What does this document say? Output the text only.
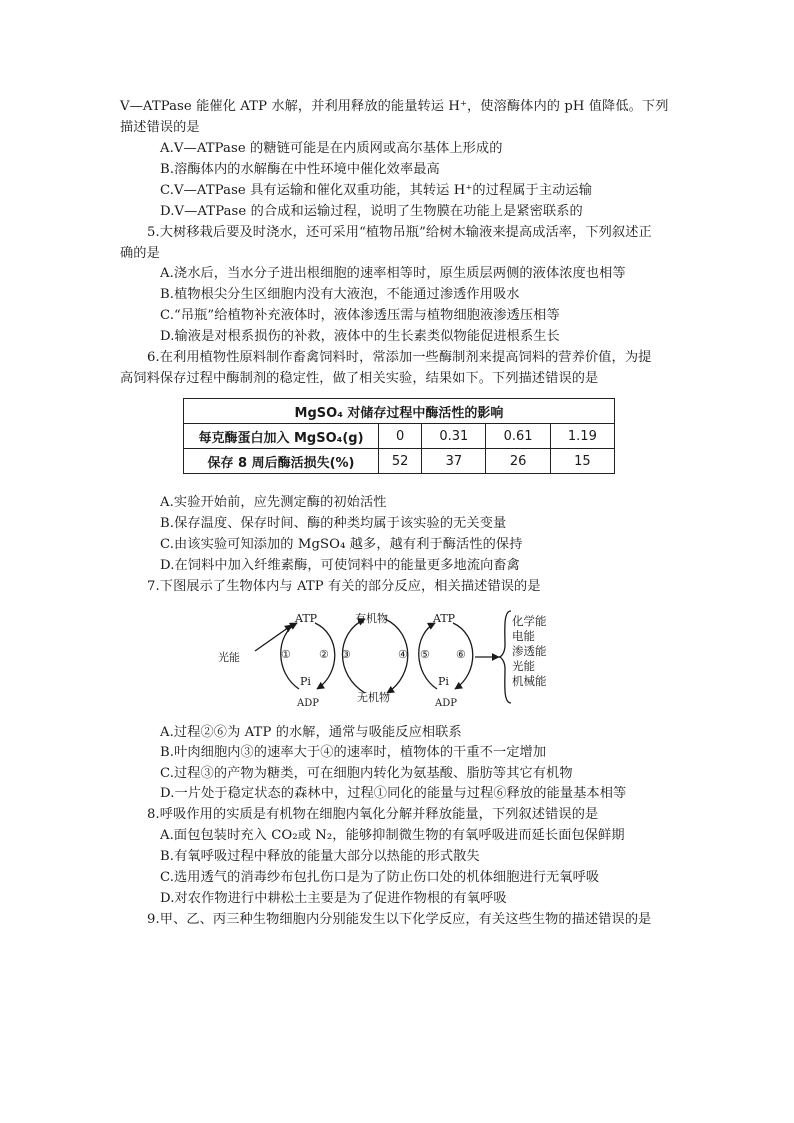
V—ATPase 能催化 ATP 水解，并利用释放的能量转运 H⁺，使溶酶体内的 pH 值降低。下列
描述错误的是
A.V—ATPase 的糖链可能是在内质网或高尔基体上形成的
B.溶酶体内的水解酶在中性环境中催化效率最高
C.V—ATPase 具有运输和催化双重功能，其转运 H⁺的过程属于主动运输
D.V—ATPase 的合成和运输过程，说明了生物膜在功能上是紧密联系的
5.大树移栽后要及时浇水，还可采用“植物吊瓶”给树木输液来提高成活率，下列叙述正
确的是
A.浇水后，当水分子进出根细胞的速率相等时，原生质层两侧的液体浓度也相等
B.植物根尖分生区细胞内没有大液泡，不能通过渗透作用吸水
C.“吊瓶”给植物补充液体时，液体渗透压需与植物细胞液渗透压相等
D.输液是对根系损伤的补救，液体中的生长素类似物能促进根系生长
6.在利用植物性原料制作畜禽饲料时，常添加一些酶制剂来提高饲料的营养价值，为提
高饲料保存过程中酶制剂的稳定性，做了相关实验，结果如下。下列描述错误的是
MgSO₄ 对储存过程中酶活性的影响				
每克酶蛋白加入 MgSO₄(g)	0	0.31	0.61	1.19
保存 8 周后酶活损失(%)	52	37	26	15
A.实验开始前，应先测定酶的初始活性
B.保存温度、保存时间、酶的种类均属于该实验的无关变量
C.由该实验可知添加的 MgSO₄ 越多，越有利于酶活性的保持
D.在饲料中加入纤维素酶，可使饲料中的能量更多地流向畜禽
7.下图展示了生物体内与 ATP 有关的部分反应，相关描述错误的是
光能
ATP
ADP
Pi
①	②
有机物
无机物
③	④
ATP
ADP
Pi
⑤ ⑥
化学能
电能
渗透能
光能
机械能
A.过程②⑥为 ATP 的水解，通常与吸能反应相联系
B.叶肉细胞内③的速率大于④的速率时，植物体的干重不一定增加
C.过程③的产物为糖类，可在细胞内转化为氨基酸、脂肪等其它有机物
D.一片处于稳定状态的森林中，过程①同化的能量与过程⑥释放的能量基本相等
8.呼吸作用的实质是有机物在细胞内氧化分解并释放能量，下列叙述错误的是
A.面包包装时充入 CO₂或 N₂，能够抑制微生物的有氧呼吸进而延长面包保鲜期
B.有氧呼吸过程中释放的能量大部分以热能的形式散失
C.选用透气的消毒纱布包扎伤口是为了防止伤口处的机体细胞进行无氧呼吸
D.对农作物进行中耕松土主要是为了促进作物根的有氧呼吸
9.甲、乙、丙三种生物细胞内分别能发生以下化学反应，有关这些生物的描述错误的是
